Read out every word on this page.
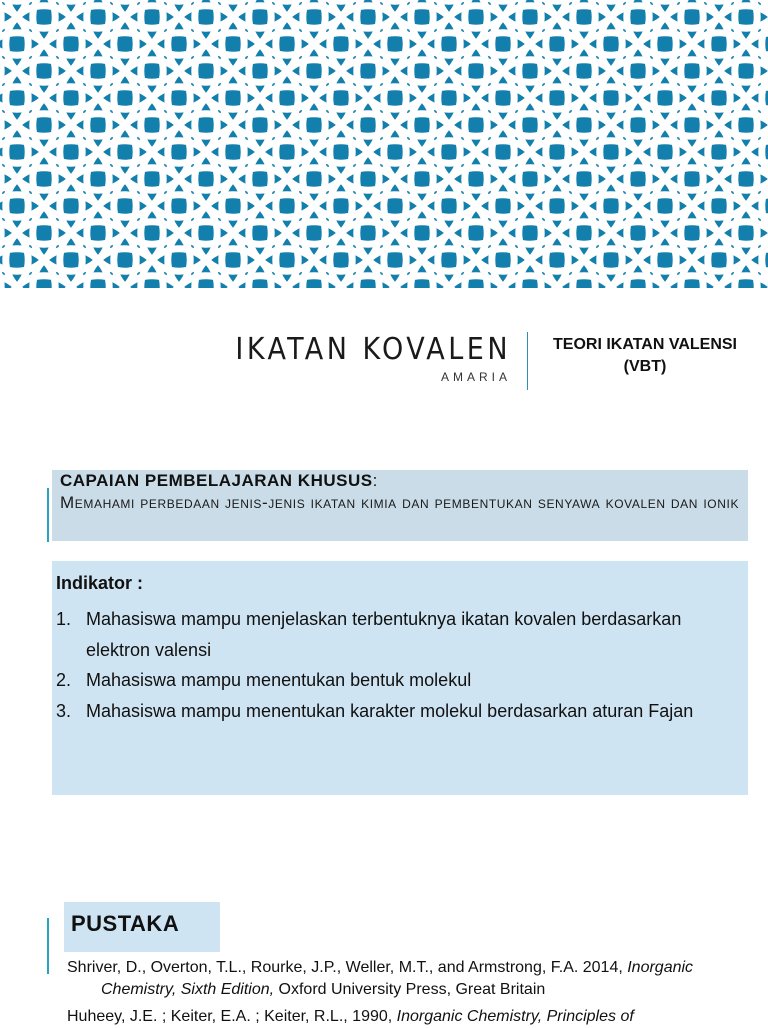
IKATAN KOVALEN
AMARIA
TEORI IKATAN VALENSI
(VBT)
CAPAIAN PEMBELAJARAN KHUSUS:
Memahami perbedaan jenis-jenis ikatan kimia dan pembentukan senyawa kovalen dan ionik
Indikator :
1. Mahasiswa mampu menjelaskan terbentuknya ikatan kovalen berdasarkan elektron valensi
2. Mahasiswa mampu menentukan bentuk molekul
3. Mahasiswa mampu menentukan karakter molekul berdasarkan aturan Fajan
PUSTAKA
Shriver, D., Overton, T.L., Rourke, J.P., Weller, M.T., and Armstrong, F.A. 2014, Inorganic
Chemistry, Sixth Edition, Oxford University Press, Great Britain
Huheey, J.E. ; Keiter, E.A. ; Keiter, R.L., 1990, Inorganic Chemistry, Principles of
